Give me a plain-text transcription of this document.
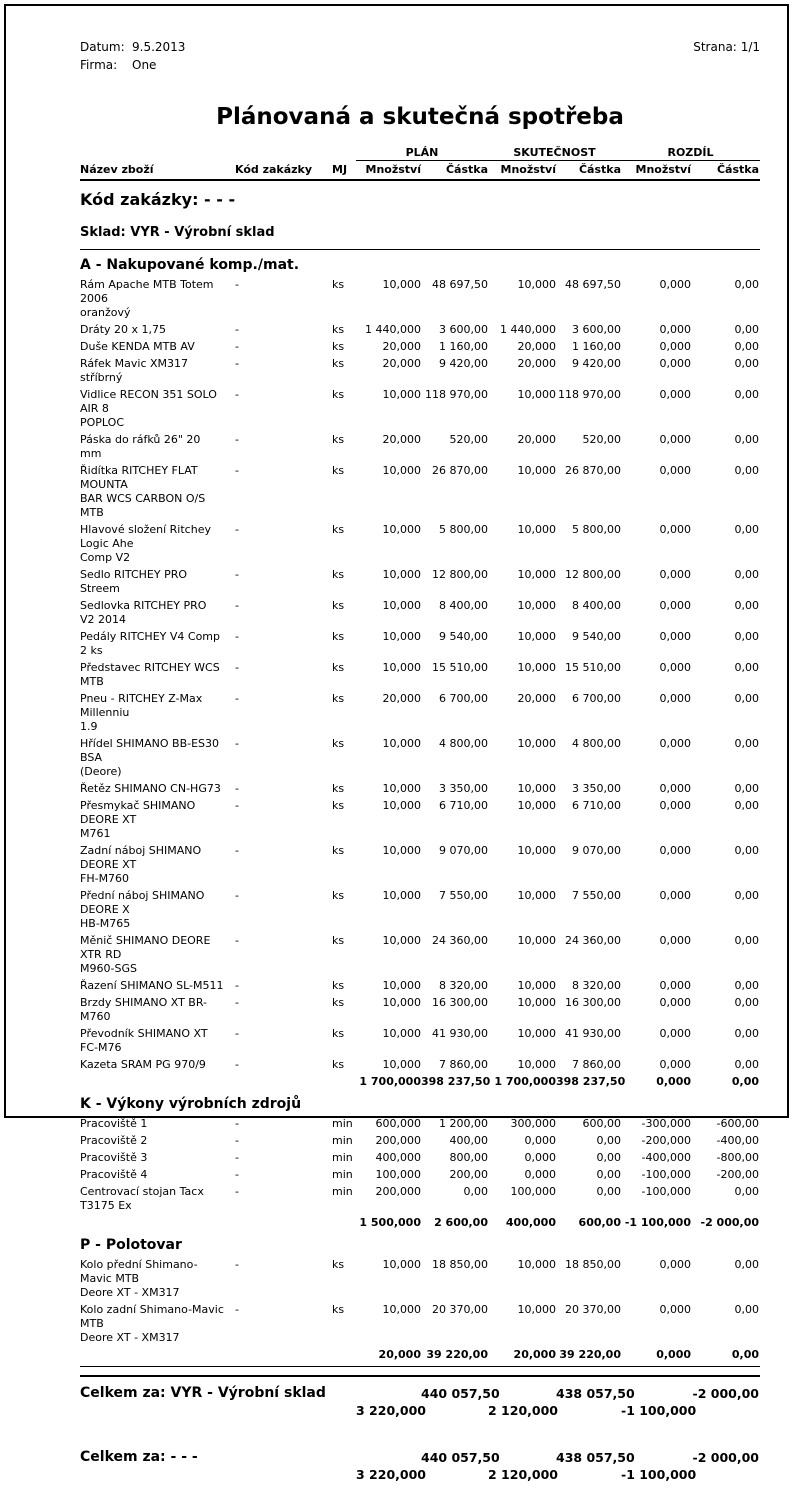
Datum: 9.5.2013	Strana: 1/1
Firma:	One
Plánovaná a skutečná spotřeba
PLÁN	SKUTEČNOST	ROZDÍL
Název zboží	Kód zakázky	MJ	Množství	Částka	Množství	Částka	Množství	Částka
Kód zakázky: - - -
Sklad: VYR - Výrobní sklad
A - Nakupované komp./mat.
Rám Apache MTB Totem 2006
oranžový
-	ks	10,000	48 697,50	10,000 48 697,50	0,000	0,00
Dráty 20 x 1,75	-	ks	1 440,000	3 600,00	1 440,000	3 600,00	0,000	0,00
Duše KENDA MTB AV	-	ks	20,000	1 160,00	20,000	1 160,00	0,000	0,00
Ráfek Mavic XM317 stříbrný
-	ks	20,000	9 420,00	20,000	9 420,00	0,000	0,00
Vidlice RECON 351 SOLO AIR 8
POPLOC
-	ks	10,000 118 970,00	10,000 118 970,00	0,000	0,00
Páska do ráfků 26" 20 mm
-	ks	20,000	520,00	20,000	520,00	0,000	0,00
Řidítka RITCHEY FLAT MOUNTA
BAR WCS CARBON O/S MTB
-	ks	10,000	26 870,00	10,000 26 870,00	0,000	0,00
Hlavové složení Ritchey Logic Ahe
Comp V2
-	ks	10,000	5 800,00	10,000	5 800,00	0,000	0,00
Sedlo RITCHEY PRO Streem
-	ks	10,000	12 800,00	10,000 12 800,00	0,000	0,00
Sedlovka RITCHEY PRO V2 2014
-	ks	10,000	8 400,00	10,000	8 400,00	0,000	0,00
Pedály RITCHEY V4 Comp 2 ks
-	ks	10,000	9 540,00	10,000	9 540,00	0,000	0,00
Představec RITCHEY WCS MTB
-	ks	10,000	15 510,00	10,000 15 510,00	0,000	0,00
Pneu - RITCHEY Z-Max Millenniu
1.9
-	ks	20,000	6 700,00	20,000	6 700,00	0,000	0,00
Hřídel SHIMANO BB-ES30 BSA
(Deore)
-	ks	10,000	4 800,00	10,000	4 800,00	0,000	0,00
Řetěz SHIMANO CN-HG73	-	ks	10,000	3 350,00	10,000	3 350,00	0,000	0,00
Přesmykač SHIMANO DEORE XT
M761
-	ks	10,000	6 710,00	10,000	6 710,00	0,000	0,00
Zadní náboj SHIMANO DEORE XT
FH-M760
-	ks	10,000	9 070,00	10,000	9 070,00	0,000	0,00
Přední náboj SHIMANO DEORE X
HB-M765
-	ks	10,000	7 550,00	10,000	7 550,00	0,000	0,00
Měnič SHIMANO DEORE XTR RD
M960-SGS
-	ks	10,000	24 360,00	10,000 24 360,00	0,000	0,00
Řazení SHIMANO SL-M511	-	ks	10,000	8 320,00	10,000	8 320,00	0,000	0,00
Brzdy SHIMANO XT BR-M760
-	ks	10,000	16 300,00	10,000 16 300,00	0,000	0,00
Převodník SHIMANO XT FC-M76
-	ks	10,000	41 930,00	10,000 41 930,00	0,000	0,00
Kazeta SRAM PG 970/9	-	ks	10,000	7 860,00	10,000	7 860,00	0,000	0,00
1 700,000 398 237,50 1 700,000 398 237,50	0,000	0,00
K - Výkony výrobních zdrojů
Pracoviště 1	-	min	600,000	1 200,00	300,000	600,00	-300,000	-600,00
Pracoviště 2	-	min	200,000	400,00	0,000	0,00	-200,000	-400,00
Pracoviště 3	-	min	400,000	800,00	0,000	0,00	-400,000	-800,00
Pracoviště 4	-	min	100,000	200,00	0,000	0,00	-100,000	-200,00
Centrovací stojan Tacx T3175 Ex
-	min	200,000	0,00	100,000	0,00	-100,000	0,00
1 500,000	2 600,00	400,000	600,00 -1 100,000 -2 000,00
P - Polotovar
Kolo přední Shimano-Mavic MTB
Deore XT - XM317
-	ks	10,000	18 850,00	10,000 18 850,00	0,000	0,00
Kolo zadní Shimano-Mavic MTB
Deore XT - XM317
-	ks	10,000	20 370,00	10,000 20 370,00	0,000	0,00
20,000 39 220,00	20,000 39 220,00	0,000	0,00
Celkem za: VYR - Výrobní sklad	440 057,50	438 057,50	-2 000,00
3 220,000	2 120,000	-1 100,000
Celkem za: - - -	440 057,50	438 057,50	-2 000,00
3 220,000	2 120,000	-1 100,000
